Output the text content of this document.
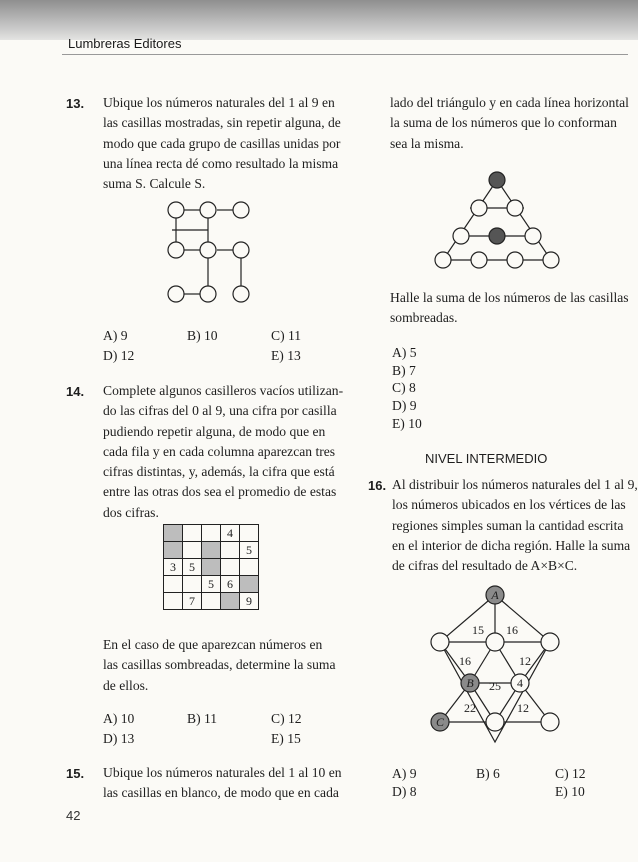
Lumbreras Editores
13. Ubique los números naturales del 1 al 9 en
las casillas mostradas, sin repetir alguna, de
modo que cada grupo de casillas unidas por
una línea recta dé como resultado la misma
suma S. Calcule S.
A) 9	B) 10	C) 11
D) 12	E) 13
14. Complete algunos casilleros vacíos utilizan-
do las cifras del 0 al 9, una cifra por casilla
pudiendo repetir alguna, de modo que en
cada fila y en cada columna aparezcan tres
cifras distintas, y, además, la cifra que está
entre las otras dos sea el promedio de estas
dos cifras.
			4	
				5
3	5			
		5	6	
	7			9
En el caso de que aparezcan números en
las casillas sombreadas, determine la suma
de ellos.
A) 10	B) 11	C) 12
D) 13	E) 15
15. Ubique los números naturales del 1 al 10 en
las casillas en blanco, de modo que en cada
lado del triángulo y en cada línea horizontal
la suma de los números que lo conforman
sea la misma.
Halle la suma de los números de las casillas
sombreadas.
A) 5
B) 7
C) 8
D) 9
E) 10
NIVEL INTERMEDIO
16. Al distribuir los números naturales del 1 al 9,
los números ubicados en los vértices de las
regiones simples suman la cantidad escrita
en el interior de dicha región. Halle la suma
de cifras del resultado de A×B×C.
A
B
C
4
15 16
16	12
25
22	12
A) 9	B) 6	C) 12
D) 8	E) 10
42
